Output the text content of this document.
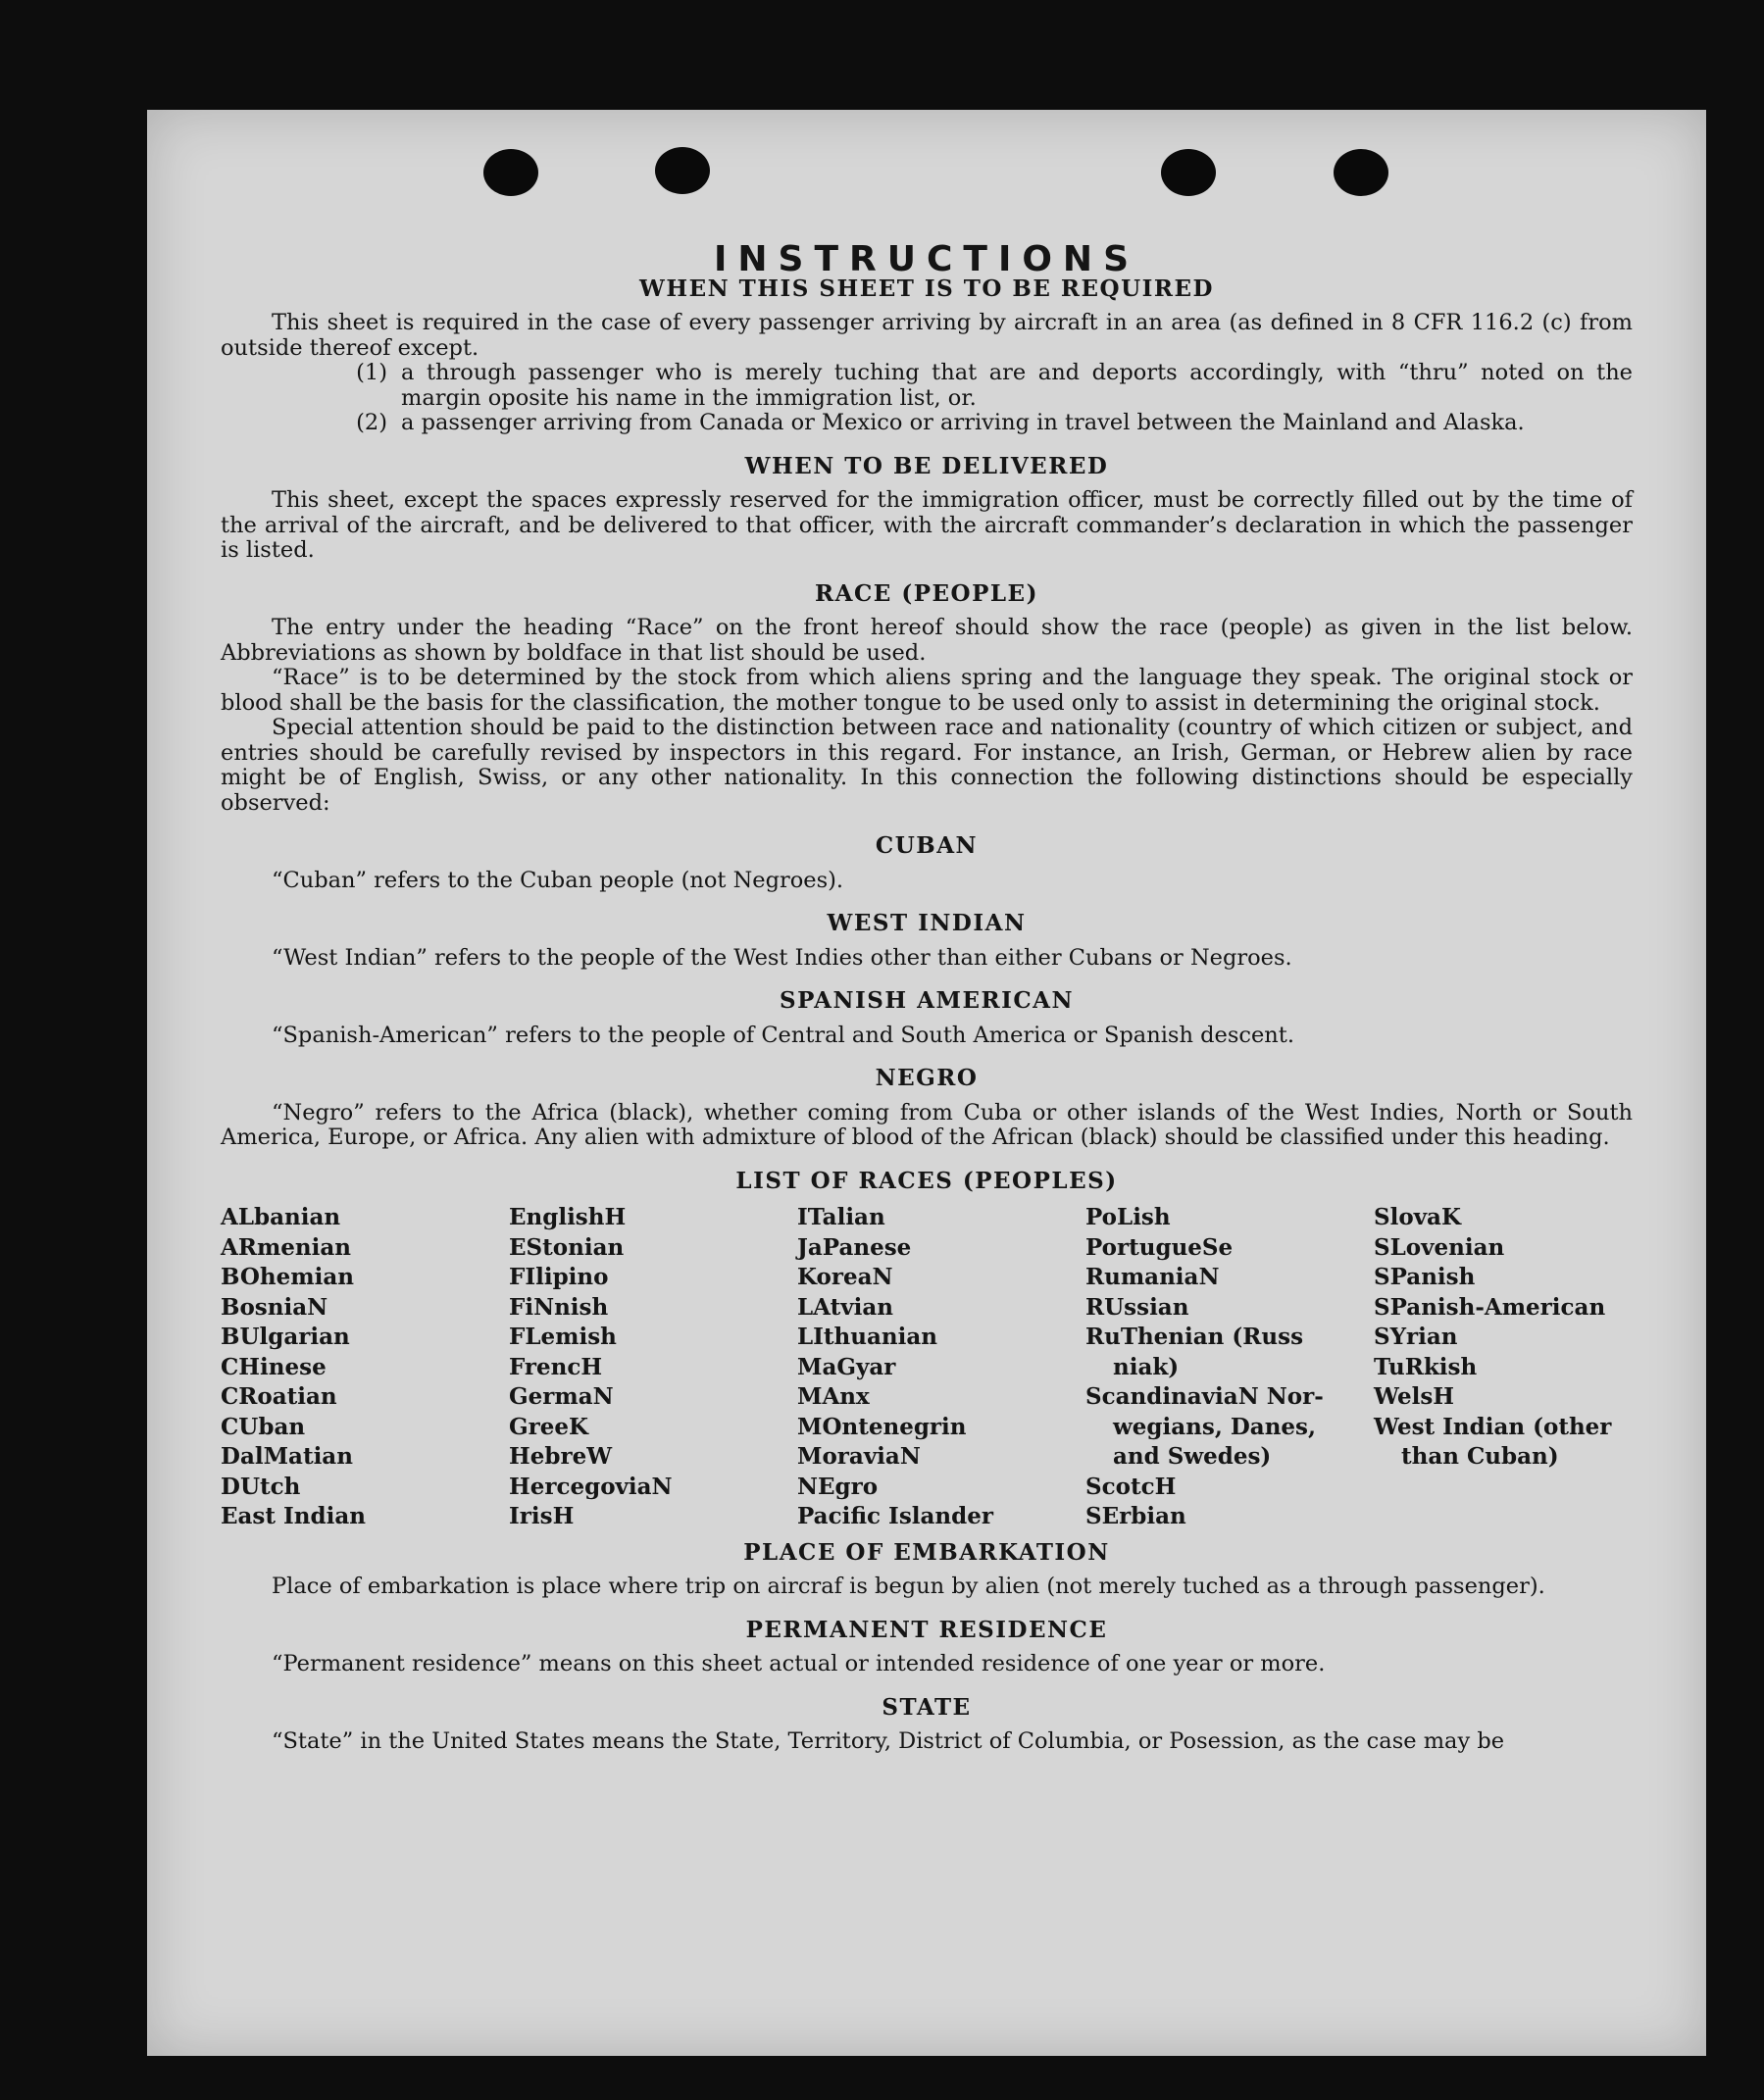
INSTRUCTIONS
WHEN THIS SHEET IS TO BE REQUIRED

This sheet is required in the case of every passenger arriving by aircraft in an area (as defined in 8 CFR 116.2 (c) from outside thereof except.

(1) a through passenger who is merely tuching that are and deports accordingly, with “thru” noted on the margin oposite his name in the immigration list, or.
(2) a passenger arriving from Canada or Mexico or arriving in travel between the Mainland and Alaska.
WHEN TO BE DELIVERED

This sheet, except the spaces expressly reserved for the immigration officer, must be correctly filled out by the time of the arrival of the aircraft, and be delivered to that officer, with the aircraft commander’s declaration in which the passenger is listed.

RACE (PEOPLE)

The entry under the heading “Race” on the front hereof should show the race (people) as given in the list below. Abbreviations as shown by boldface in that list should be used.

“Race” is to be determined by the stock from which aliens spring and the language they speak. The original stock or blood shall be the basis for the classification, the mother tongue to be used only to assist in determining the original stock.

Special attention should be paid to the distinction between race and nationality (country of which citizen or subject, and entries should be carefully revised by inspectors in this regard. For instance, an Irish, German, or Hebrew alien by race might be of English, Swiss, or any other nationality. In this connection the following distinctions should be especially observed:

CUBAN

“Cuban” refers to the Cuban people (not Negroes).

WEST INDIAN

“West Indian” refers to the people of the West Indies other than either Cubans or Negroes.

SPANISH AMERICAN

“Spanish-American” refers to the people of Central and South America or Spanish descent.

NEGRO

“Negro” refers to the Africa (black), whether coming from Cuba or other islands of the West Indies, North or South America, Europe, or Africa. Any alien with admixture of blood of the African (black) should be classified under this heading.

LIST OF RACES (PEOPLES)
ALbanian
ARmenian
BOhemian
BosniaN
BUlgarian
CHinese
CRoatian
CUban
DalMatian
DUtch
East Indian
EnglishH
EStonian
FIlipino
FiNnish
FLemish
FrencH
GermaN
GreeK
HebreW
HercegoviaN
IrisH
ITalian
JaPanese
KoreaN
LAtvian
LIthuanian
MaGyar
MAnx
MOntenegrin
MoraviaN
NEgro
Pacific Islander
PoLish
PortugueSe
RumaniaN
RUssian
RuThenian (Russ
niak)
ScandinaviaN Nor-
wegians, Danes,
and Swedes)
ScotcH
SErbian
SlovaK
SLovenian
SPanish
SPanish-American
SYrian
TuRkish
WelsH
West Indian (other
than Cuban)
PLACE OF EMBARKATION

Place of embarkation is place where trip on aircraf is begun by alien (not merely tuched as a through passenger).

PERMANENT RESIDENCE

“Permanent residence” means on this sheet actual or intended residence of one year or more.

STATE

“State” in the United States means the State, Territory, District of Columbia, or Posession, as the case may be
